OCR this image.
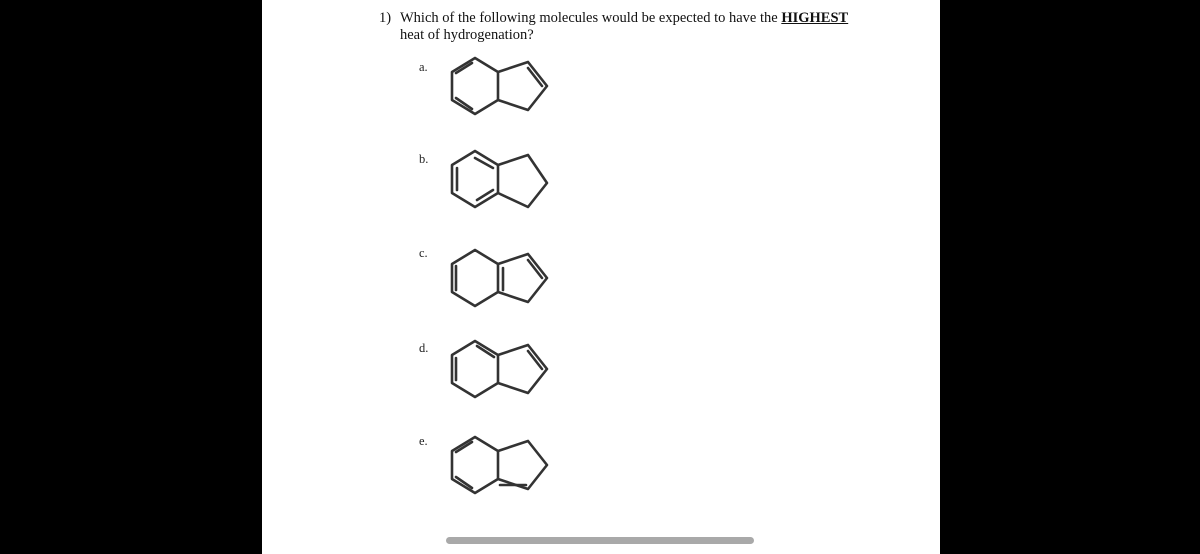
1) Which of the following molecules would be expected to have the HIGHEST
heat of hydrogenation?
a.
b.
c.
d.
e.
